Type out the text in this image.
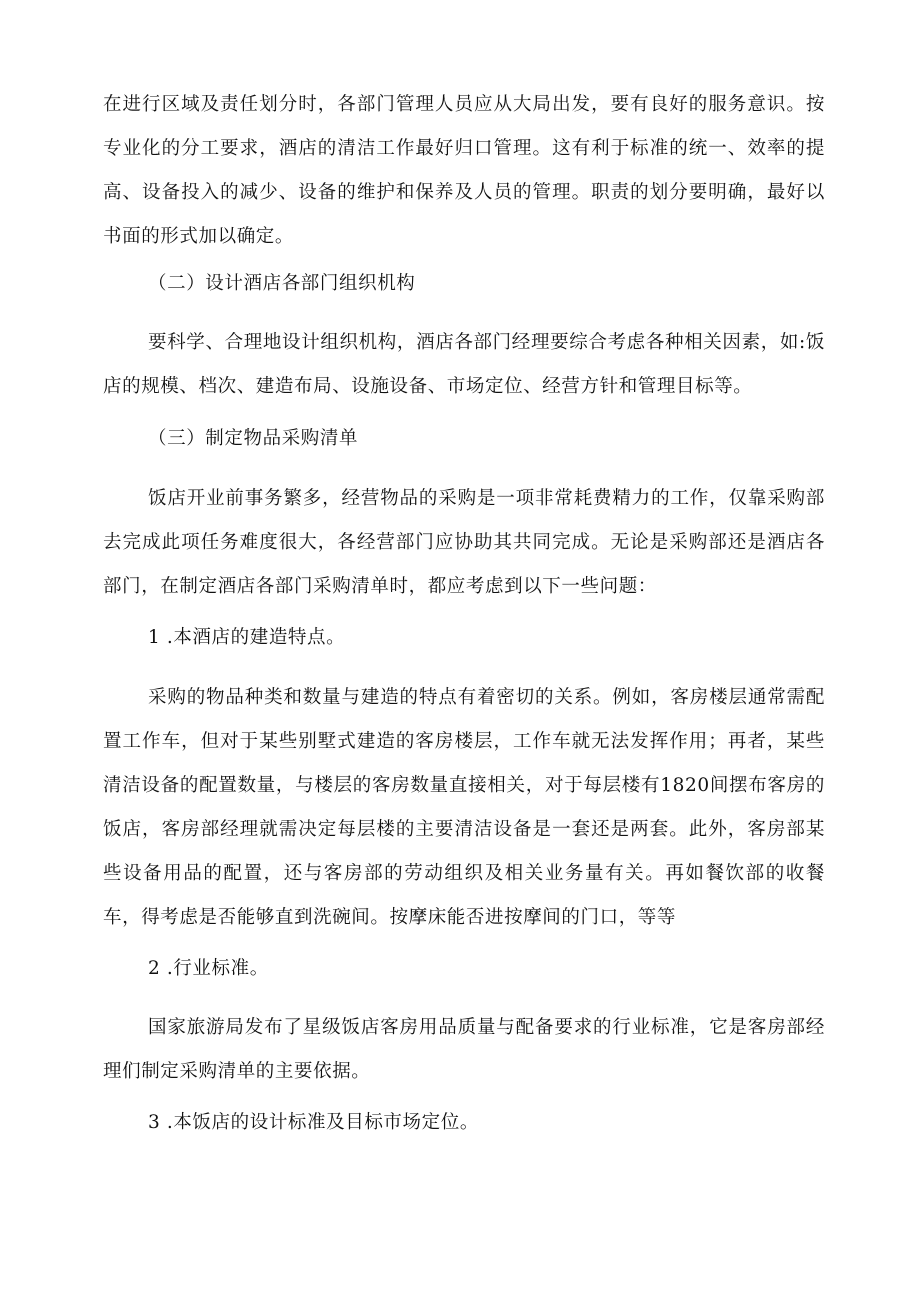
在进行区域及责任划分时，各部门管理人员应从大局出发，要有良好的服务意识。按专业化的分工要求，酒店的清洁工作最好归口管理。这有利于标准的统一、效率的提高、设备投入的减少、设备的维护和保养及人员的管理。职责的划分要明确，最好以书面的形式加以确定。

（二）设计酒店各部门组织机构

要科学、合理地设计组织机构，酒店各部门经理要综合考虑各种相关因素，如:饭店的规模、档次、建造布局、设施设备、市场定位、经营方针和管理目标等。

（三）制定物品采购清单

饭店开业前事务繁多，经营物品的采购是一项非常耗费精力的工作，仅靠采购部去完成此项任务难度很大，各经营部门应协助其共同完成。无论是采购部还是酒店各部门，在制定酒店各部门采购清单时，都应考虑到以下一些问题：

1 .本酒店的建造特点。

采购的物品种类和数量与建造的特点有着密切的关系。例如，客房楼层通常需配置工作车，但对于某些别墅式建造的客房楼层，工作车就无法发挥作用；再者，某些清洁设备的配置数量，与楼层的客房数量直接相关，对于每层楼有1820间摆布客房的饭店，客房部经理就需决定每层楼的主要清洁设备是一套还是两套。此外，客房部某些设备用品的配置，还与客房部的劳动组织及相关业务量有关。再如餐饮部的收餐车，得考虑是否能够直到洗碗间。按摩床能否进按摩间的门口，等等

2 .行业标准。

国家旅游局发布了星级饭店客房用品质量与配备要求的行业标准，它是客房部经理们制定采购清单的主要依据。

3 .本饭店的设计标准及目标市场定位。
